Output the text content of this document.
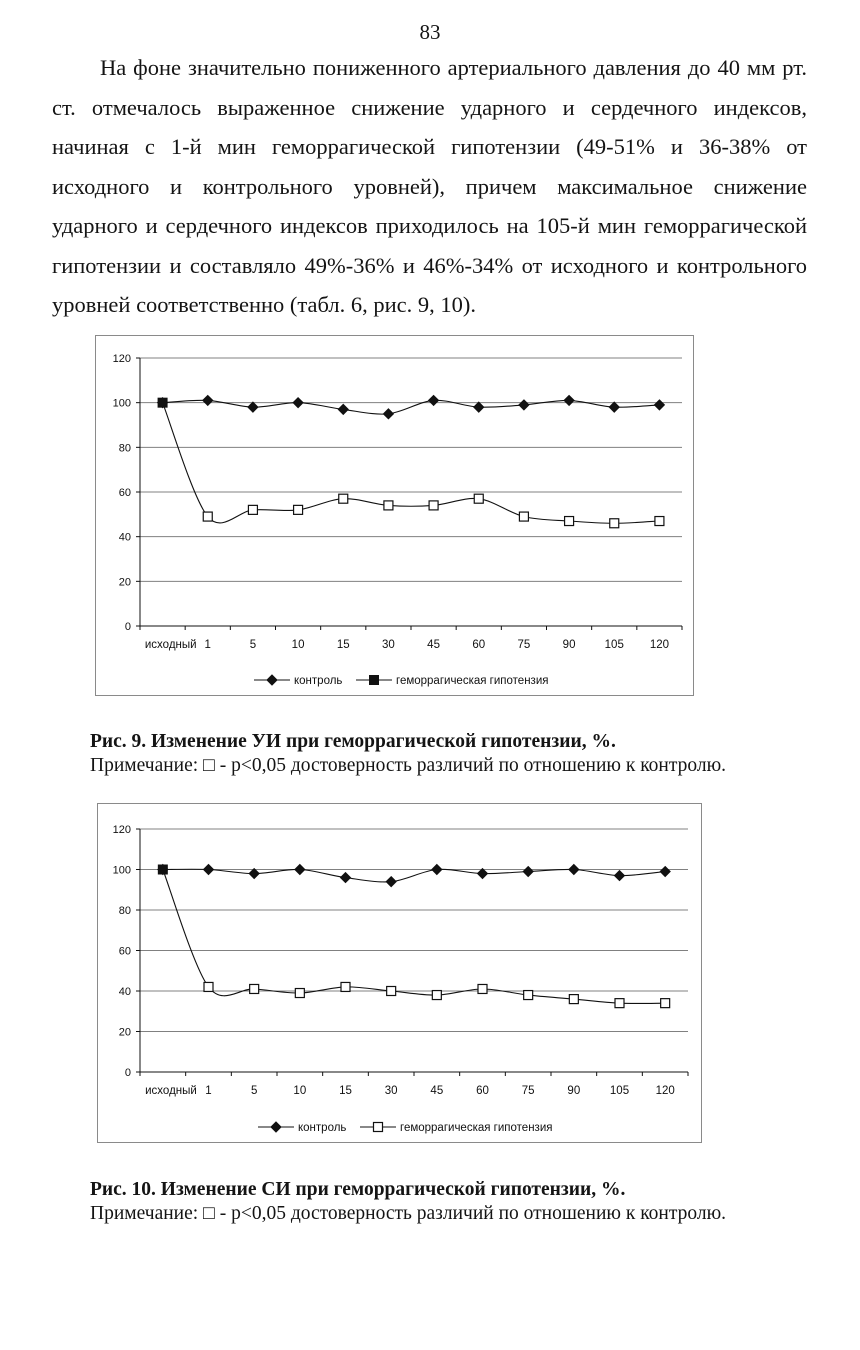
83

На фоне значительно пониженного артериального давления до 40 мм рт. ст. отмечалось выраженное снижение ударного и сердечного индексов, начиная с 1-й мин геморрагической гипотензии (49-51% и 36-38% от исходного и контрольного уровней), причем максимальное снижение ударного и сердечного индексов приходилось на 105-й мин геморрагической гипотензии и составляло 49%-36% и 46%-34% от исходного и контрольного уровней соответственно (табл. 6, рис. 9, 10).

0
20
40
60
80
100
120
исходный 1	5	10	15	30	45	60	75	90	105 120
контроль	геморрагическая гипотензия
Рис. 9. Изменение УИ при геморрагической гипотензии, %.
Примечание: □ - p<0,05 достоверность различий по отношению к контролю.
0
20
40
60
80
100
120
исходный 1	5	10	15	30	45	60	75	90	105 120
контроль	геморрагическая гипотензия
Рис. 10. Изменение СИ при геморрагической гипотензии, %.
Примечание: □ - p<0,05 достоверность различий по отношению к контролю.
